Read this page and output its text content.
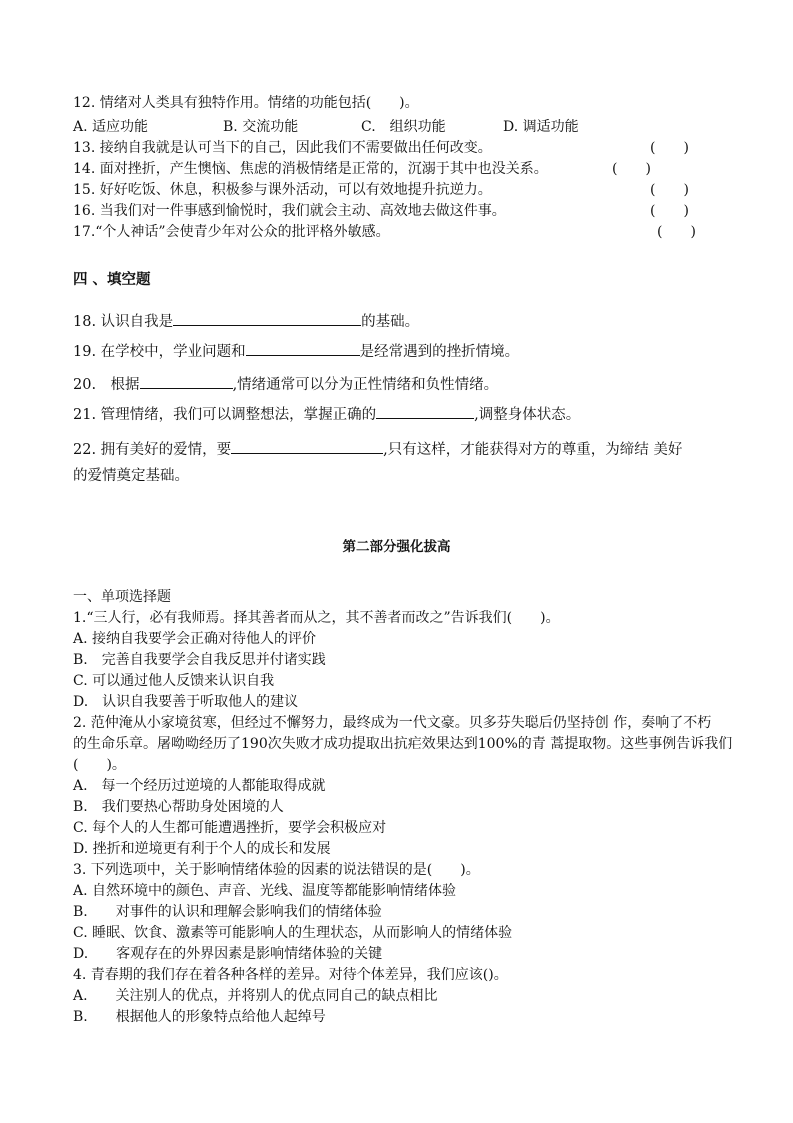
12. 情绪对人类具有独特作用。情绪的功能包括(　　)。
A. 适应功能	B. 交流功能	C.　组织功能	D. 调适功能
13. 接纳自我就是认可当下的自己，因此我们不需要做出任何改变。	(　　)
14. 面对挫折，产生懊恼、焦虑的消极情绪是正常的，沉溺于其中也没关系。	(　　)
15. 好好吃饭、休息，积极参与课外活动，可以有效地提升抗逆力。	(　　)
16. 当我们对一件事感到愉悦时，我们就会主动、高效地去做这件事。	(　　)
17.“个人神话”会使青少年对公众的批评格外敏感。	(　　)
四 、填空题
18. 认识自我是	的基础。
19. 在学校中，学业问题和	是经常遇到的挫折情境。
20.　根据	,情绪通常可以分为正性情绪和负性情绪。
21. 管理情绪，我们可以调整想法，掌握正确的	,调整身体状态。
22. 拥有美好的爱情，要	,只有这样，才能获得对方的尊重，为缔结 美好
的爱情奠定基础。
第二部分强化拔高
一、单项选择题
1.“三人行，必有我师焉。择其善者而从之，其不善者而改之”告诉我们(　　)。
A. 接纳自我要学会正确对待他人的评价
B.　完善自我要学会自我反思并付诸实践
C. 可以通过他人反馈来认识自我
D.　认识自我要善于听取他人的建议
2. 范仲淹从小家境贫寒，但经过不懈努力，最终成为一代文豪。贝多芬失聪后仍坚持创 作，奏响了不朽
的生命乐章。屠呦呦经历了190次失败才成功提取出抗疟效果达到100%的青 蒿提取物。这些事例告诉我们
(　　)。
A.　每一个经历过逆境的人都能取得成就
B.　我们要热心帮助身处困境的人
C. 每个人的人生都可能遭遇挫折，要学会积极应对
D. 挫折和逆境更有利于个人的成长和发展
3. 下列选项中，关于影响情绪体验的因素的说法错误的是(　　)。
A. 自然环境中的颜色、声音、光线、温度等都能影响情绪体验
B.　　对事件的认识和理解会影响我们的情绪体验
C. 睡眠、饮食、激素等可能影响人的生理状态，从而影响人的情绪体验
D.　　客观存在的外界因素是影响情绪体验的关键
4. 青春期的我们存在着各种各样的差异。对待个体差异，我们应该()。
A.　　关注别人的优点，并将别人的优点同自己的缺点相比
B.　　根据他人的形象特点给他人起绰号
